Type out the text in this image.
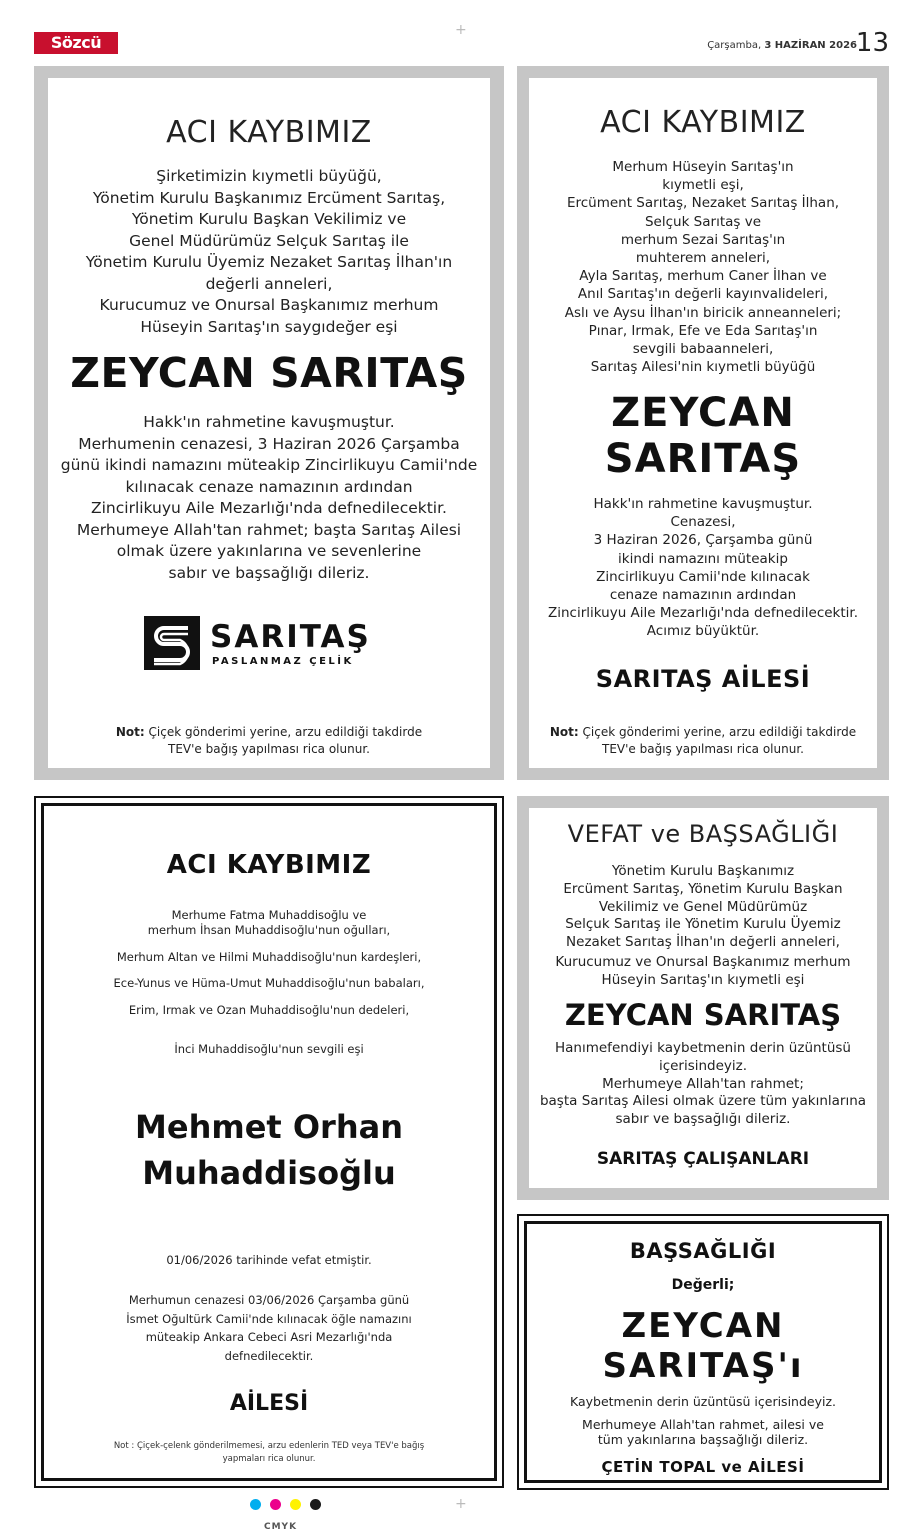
Sözcü	Çarşamba, 3 HAZİRAN 2026
13
ACI KAYBIMIZ

Şirketimizin kıymetli büyüğü,

Yönetim Kurulu Başkanımız Ercüment Sarıtaş,

Yönetim Kurulu Başkan Vekilimiz ve

Genel Müdürümüz Selçuk Sarıtaş ile

Yönetim Kurulu Üyemiz Nezaket Sarıtaş İlhan'ın

değerli anneleri,

Kurucumuz ve Onursal Başkanımız merhum

Hüseyin Sarıtaş'ın saygıdeğer eşi

ZEYCAN SARITAŞ

Hakk'ın rahmetine kavuşmuştur.

Merhumenin cenazesi, 3 Haziran 2026 Çarşamba

günü ikindi namazını müteakip Zincirlikuyu Camii'nde

kılınacak cenaze namazının ardından

Zincirlikuyu Aile Mezarlığı'nda defnedilecektir.

Merhumeye Allah'tan rahmet; başta Sarıtaş Ailesi

olmak üzere yakınlarına ve sevenlerine

sabır ve başsağlığı dileriz.

SARITAŞ
PASLANMAZ ÇELİK

Not: Çiçek gönderimi yerine, arzu edildiği takdirde

TEV'e bağış yapılması rica olunur.

ACI KAYBIMIZ

Merhum Hüseyin Sarıtaş'ın

kıymetli eşi,

Ercüment Sarıtaş, Nezaket Sarıtaş İlhan,

Selçuk Sarıtaş ve

merhum Sezai Sarıtaş'ın

muhterem anneleri,

Ayla Sarıtaş, merhum Caner İlhan ve

Anıl Sarıtaş'ın değerli kayınvalideleri,

Aslı ve Aysu İlhan'ın biricik anneanneleri;

Pınar, Irmak, Efe ve Eda Sarıtaş'ın

sevgili babaanneleri,

Sarıtaş Ailesi'nin kıymetli büyüğü

ZEYCAN
SARITAŞ

Hakk'ın rahmetine kavuşmuştur.

Cenazesi,

3 Haziran 2026, Çarşamba günü

ikindi namazını müteakip

Zincirlikuyu Camii'nde kılınacak

cenaze namazının ardından

Zincirlikuyu Aile Mezarlığı'nda defnedilecektir.

Acımız büyüktür.

SARITAŞ AİLESİ

Not: Çiçek gönderimi yerine, arzu edildiği takdirde

TEV'e bağış yapılması rica olunur.

ACI KAYBIMIZ

Merhume Fatma Muhaddisoğlu ve

merhum İhsan Muhaddisoğlu'nun oğulları,

Merhum Altan ve Hilmi Muhaddisoğlu'nun kardeşleri,

Ece-Yunus ve Hüma-Umut Muhaddisoğlu'nun babaları,

Erim, Irmak ve Ozan Muhaddisoğlu'nun dedeleri,

İnci Muhaddisoğlu'nun sevgili eşi

Mehmet Orhan
Muhaddisoğlu

01/06/2026 tarihinde vefat etmiştir.

Merhumun cenazesi 03/06/2026 Çarşamba günü

İsmet Oğultürk Camii'nde kılınacak öğle namazını

müteakip Ankara Cebeci Asri Mezarlığı'nda

defnedilecektir.

AİLESİ

Not : Çiçek-çelenk gönderilmemesi, arzu edenlerin TED veya TEV'e bağış

yapmaları rica olunur.

VEFAT ve BAŞSAĞLIĞI

Yönetim Kurulu Başkanımız

Ercüment Sarıtaş, Yönetim Kurulu Başkan

Vekilimiz ve Genel Müdürümüz

Selçuk Sarıtaş ile Yönetim Kurulu Üyemiz

Nezaket Sarıtaş İlhan'ın değerli anneleri,

Kurucumuz ve Onursal Başkanımız merhum

Hüseyin Sarıtaş'ın kıymetli eşi

ZEYCAN SARITAŞ

Hanımefendiyi kaybetmenin derin üzüntüsü

içerisindeyiz.

Merhumeye Allah'tan rahmet;

başta Sarıtaş Ailesi olmak üzere tüm yakınlarına

sabır ve başsağlığı dileriz.

SARITAŞ ÇALIŞANLARI
BAŞSAĞLIĞI
Değerli;
ZEYCAN
SARITAŞ'ı

Kaybetmenin derin üzüntüsü içerisindeyiz.

Merhumeye Allah'tan rahmet, ailesi ve

tüm yakınlarına başsağlığı dileriz.

ÇETİN TOPAL ve AİLESİ
+
+
CMYK
